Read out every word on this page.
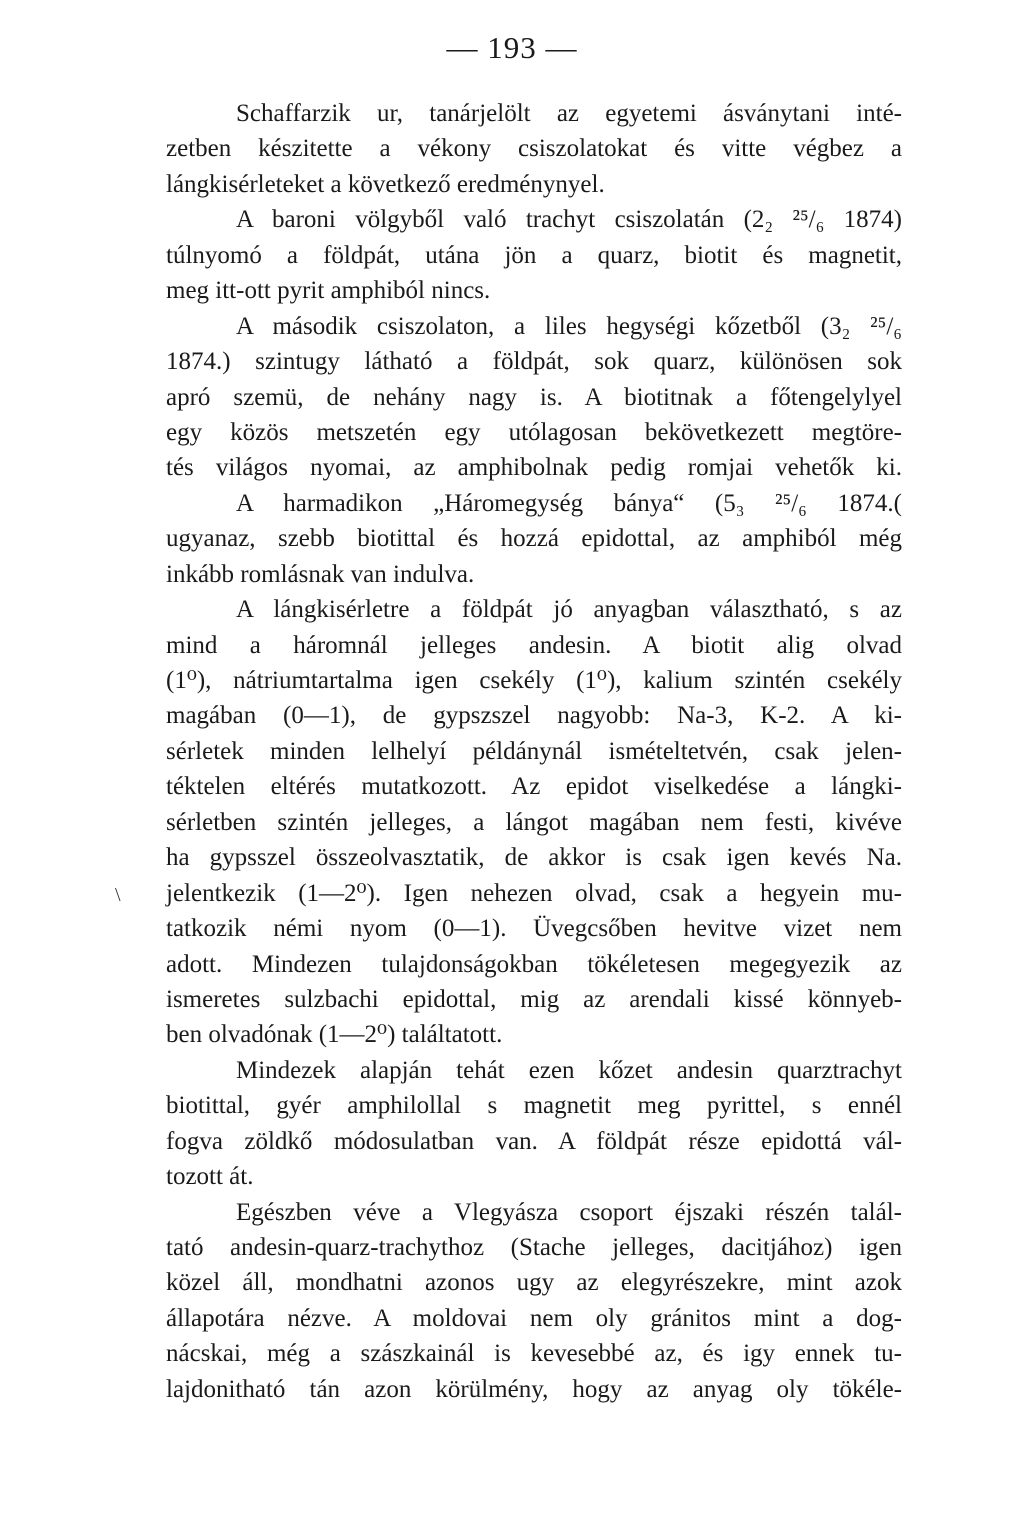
— 193 —
\
Schaffarzik ur, tanárjelölt az egyetemi ásványtani inté-
zetben készitette a vékony csiszolatokat és vitte végbez a
lángkisérleteket a következő eredménynyel.
A baroni völgyből való trachyt csiszolatán (2₂ ²⁵/₆ 1874)
túlnyomó a földpát, utána jön a quarz, biotit és magnetit,
meg itt-ott pyrit amphiból nincs.
A második csiszolaton, a liles hegységi kőzetből (3₂ ²⁵/₆
1874.) szintugy látható a földpát, sok quarz, különösen sok
apró szemü, de nehány nagy is. A biotitnak a főtengelylyel
egy közös metszetén egy utólagosan bekövetkezett megtöre-
tés világos nyomai, az amphibolnak pedig romjai vehetők ki.
A harmadikon „Háromegység bánya“ (5₃ ²⁵/₆ 1874.(
ugyanaz, szebb biotittal és hozzá epidottal, az amphiból még
inkább romlásnak van indulva.
A lángkisérletre a földpát jó anyagban választható, s az
mind a háromnál jelleges andesin. A biotit alig olvad
(1⁰), nátriumtartalma igen csekély (1⁰), kalium szintén csekély
magában (0—1), de gypszszel nagyobb: Na-3, K-2. A ki-
sérletek minden lelhelyí példánynál ismételtetvén, csak jelen-
téktelen eltérés mutatkozott. Az epidot viselkedése a lángki-
sérletben szintén jelleges, a lángot magában nem festi, kivéve
ha gypsszel összeolvasztatik, de akkor is csak igen kevés Na.
jelentkezik (1—2⁰). Igen nehezen olvad, csak a hegyein mu-
tatkozik némi nyom (0—1). Üvegcsőben hevitve vizet nem
adott. Mindezen tulajdonságokban tökéletesen megegyezik az
ismeretes sulzbachi epidottal, mig az arendali kissé könnyeb-
ben olvadónak (1—2⁰) találtatott.
Mindezek alapján tehát ezen kőzet andesin quarztrachyt
biotittal, gyér amphilollal s magnetit meg pyrittel, s ennél
fogva zöldkő módosulatban van. A földpát része epidottá vál-
tozott át.
Egészben véve a Vlegyásza csoport éjszaki részén talál-
tató andesin-quarz-trachythoz (Stache jelleges, dacitjához) igen
közel áll, mondhatni azonos ugy az elegyrészekre, mint azok
állapotára nézve. A moldovai nem oly gránitos mint a dog-
nácskai, még a szászkainál is kevesebbé az, és igy ennek tu-
lajdonitható tán azon körülmény, hogy az anyag oly tökéle-
